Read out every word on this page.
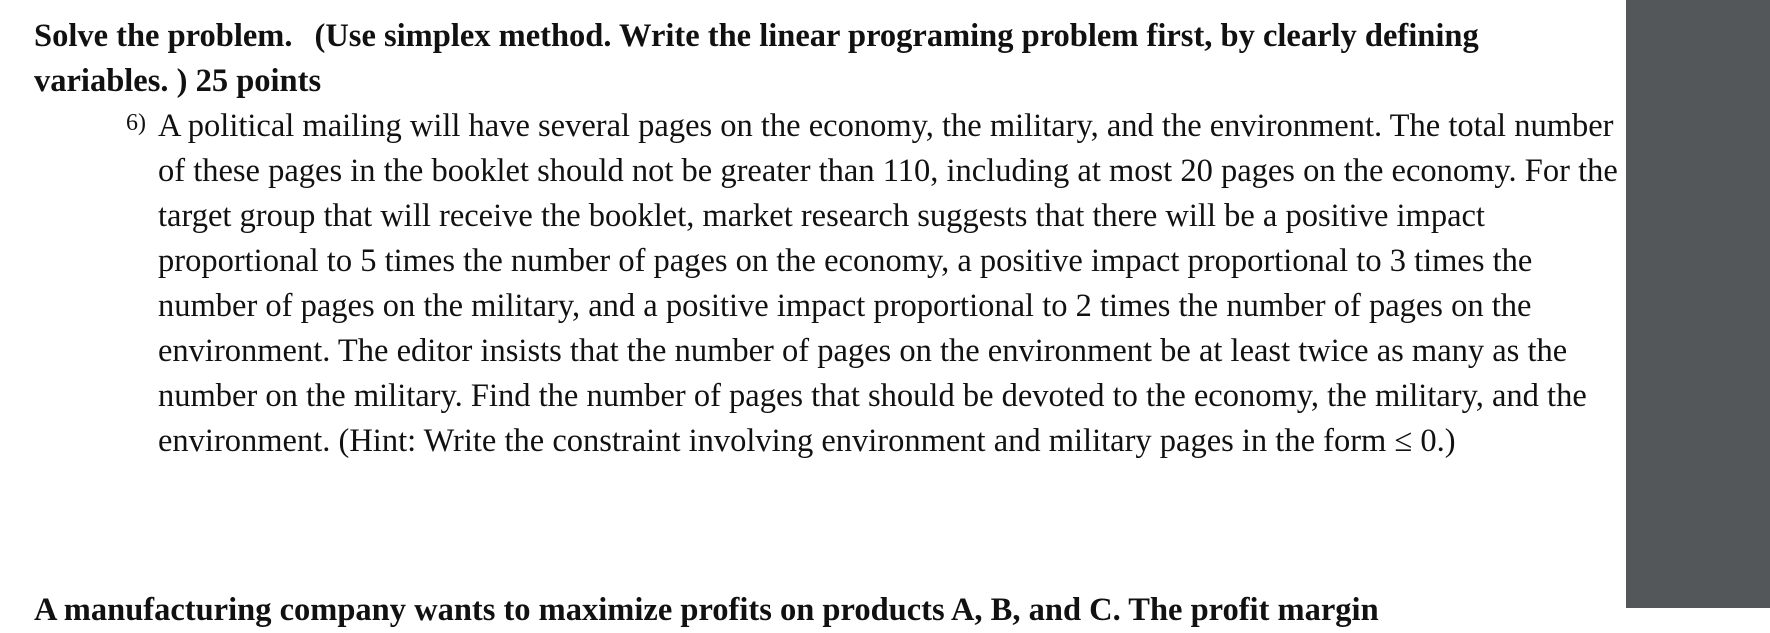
Solve the problem. (Use simplex method. Write the linear programing problem first, by clearly defining variables. ) 25 points

6) A political mailing will have several pages on the economy, the military, and the environment. The total number of these pages in the booklet should not be greater than 110, including at most 20 pages on the economy. For the target group that will receive the booklet, market research suggests that there will be a positive impact proportional to 5 times the number of pages on the economy, a positive impact proportional to 3 times the number of pages on the military, and a positive impact proportional to 2 times the number of pages on the environment. The editor insists that the number of pages on the environment be at least twice as many as the number on the military. Find the number of pages that should be devoted to the economy, the military, and the environment. (Hint: Write the constraint involving environment and military pages in the form ≤ 0.)

A manufacturing company wants to maximize profits on products A, B, and C. The profit margin
